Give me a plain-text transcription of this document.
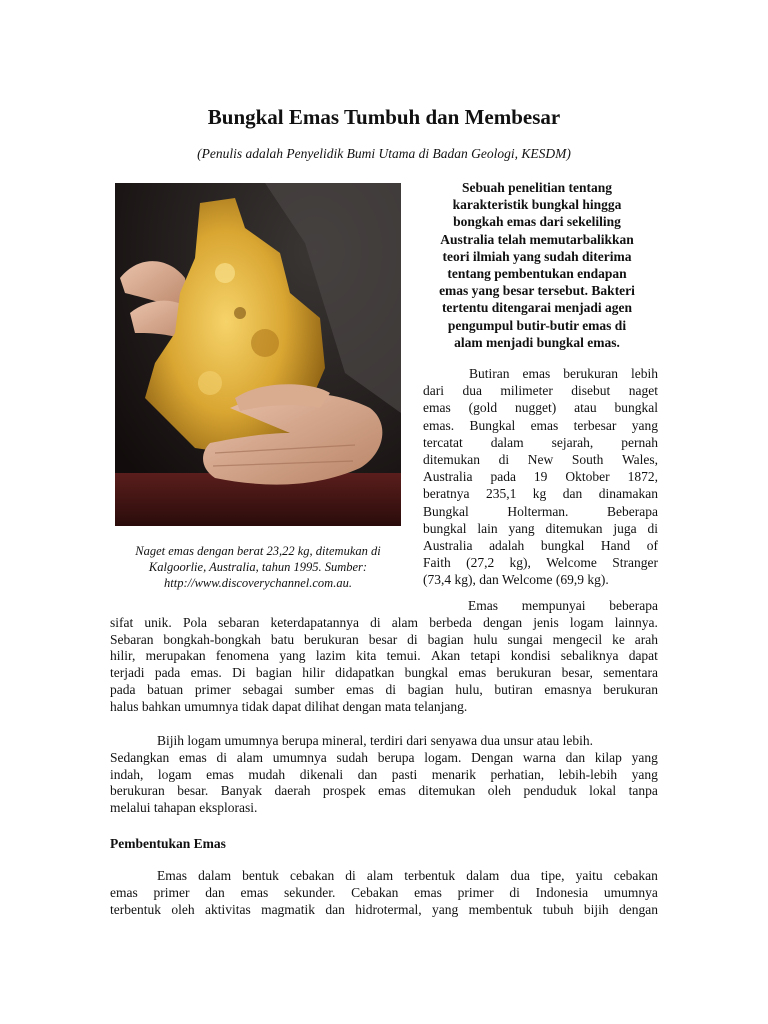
Bungkal Emas Tumbuh dan Membesar
(Penulis adalah Penyelidik Bumi Utama di Badan Geologi, KESDM)
Naget emas dengan berat 23,22 kg, ditemukan di
Kalgoorlie, Australia, tahun 1995. Sumber:
http://www.discoverychannel.com.au.
Sebuah penelitian tentang
karakteristik bungkal hingga
bongkah emas dari sekeliling
Australia telah memutarbalikkan
teori ilmiah yang sudah diterima
tentang pembentukan endapan
emas yang besar tersebut. Bakteri
tertentu ditengarai menjadi agen
pengumpul butir-butir emas di
alam menjadi bungkal emas.
Butiran emas berukuran lebih
dari dua milimeter disebut naget
emas (gold nugget) atau bungkal
emas. Bungkal emas terbesar yang
tercatat dalam sejarah, pernah
ditemukan di New South Wales,
Australia pada 19 Oktober 1872,
beratnya 235,1 kg dan dinamakan
Bungkal	Holterman.	Beberapa
bungkal lain yang ditemukan juga di
Australia adalah bungkal Hand of
Faith (27,2 kg), Welcome Stranger
(73,4 kg), dan Welcome (69,9 kg).
Emas mempunyai beberapa
sifat unik. Pola sebaran keterdapatannya di alam berbeda dengan jenis logam lainnya.
Sebaran bongkah-bongkah batu berukuran besar di bagian hulu sungai mengecil ke arah
hilir, merupakan fenomena yang lazim kita temui. Akan tetapi kondisi sebaliknya dapat
terjadi pada emas. Di bagian hilir didapatkan bungkal emas berukuran besar, sementara
pada batuan primer sebagai sumber emas di bagian hulu, butiran emasnya berukuran
halus bahkan umumnya tidak dapat dilihat dengan mata telanjang.
Bijih logam umumnya berupa mineral, terdiri dari senyawa dua unsur atau lebih.
Sedangkan emas di alam umumnya sudah berupa logam. Dengan warna dan kilap yang
indah, logam emas mudah dikenali dan pasti menarik perhatian, lebih-lebih yang
berukuran besar. Banyak daerah prospek emas ditemukan oleh penduduk lokal tanpa
melalui tahapan eksplorasi.
Pembentukan Emas
Emas dalam bentuk cebakan di alam terbentuk dalam dua tipe, yaitu cebakan
emas primer dan emas sekunder. Cebakan emas primer di Indonesia umumnya
terbentuk oleh aktivitas magmatik dan hidrotermal, yang membentuk tubuh bijih dengan
